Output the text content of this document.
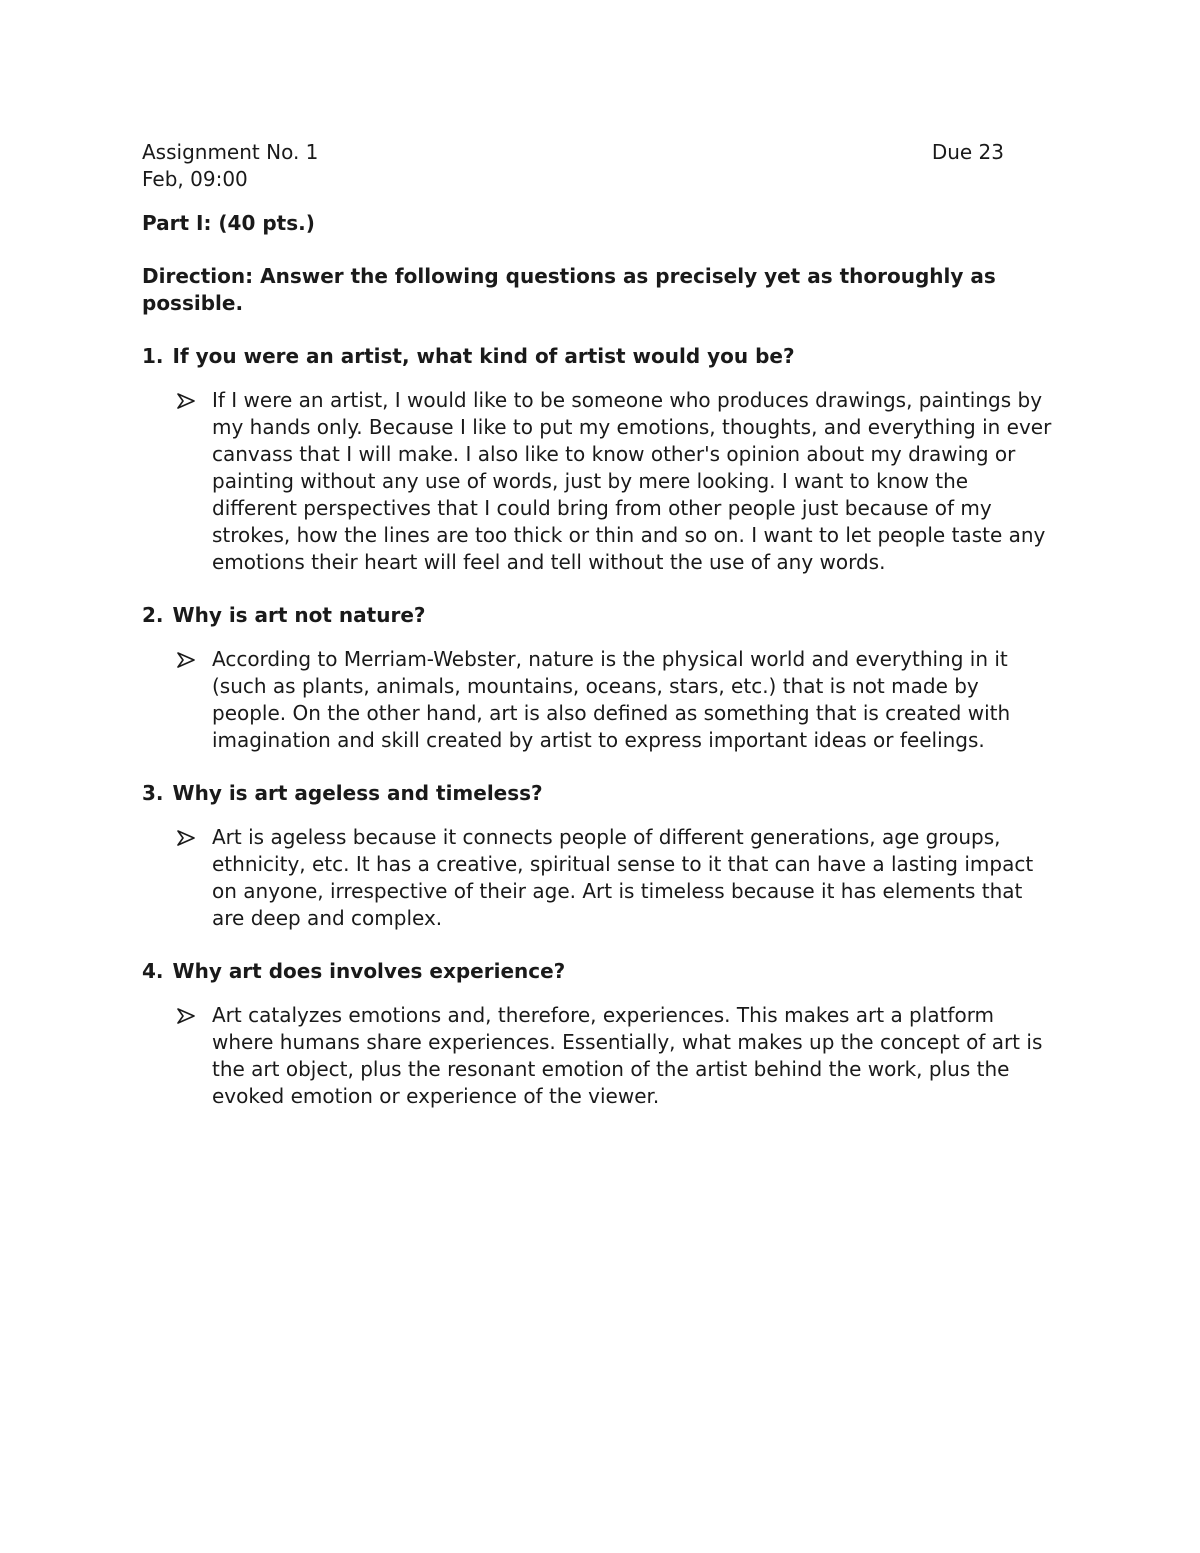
Assignment No. 1	Due 23
Feb, 09:00
Part I: (40 pts.)
Direction: Answer the following questions as precisely yet as thoroughly as possible.
1. If you were an artist, what kind of artist would you be?
If I were an artist, I would like to be someone who produces drawings, paintings by my hands only. Because I like to put my emotions, thoughts, and everything in ever canvass that I will make. I also like to know other's opinion about my drawing or painting without any use of words, just by mere looking. I want to know the different perspectives that I could bring from other people just because of my strokes, how the lines are too thick or thin and so on. I want to let people taste any emotions their heart will feel and tell without the use of any words.
2. Why is art not nature?
According to Merriam-Webster, nature is the physical world and everything in it (such as plants, animals, mountains, oceans, stars, etc.) that is not made by people. On the other hand, art is also defined as something that is created with imagination and skill created by artist to express important ideas or feelings.
3. Why is art ageless and timeless?
Art is ageless because it connects people of different generations, age groups, ethnicity, etc. It has a creative, spiritual sense to it that can have a lasting impact on anyone, irrespective of their age. Art is timeless because it has elements that are deep and complex.
4. Why art does involves experience?
Art catalyzes emotions and, therefore, experiences. This makes art a platform where humans share experiences. Essentially, what makes up the concept of art is the art object, plus the resonant emotion of the artist behind the work, plus the evoked emotion or experience of the viewer.
